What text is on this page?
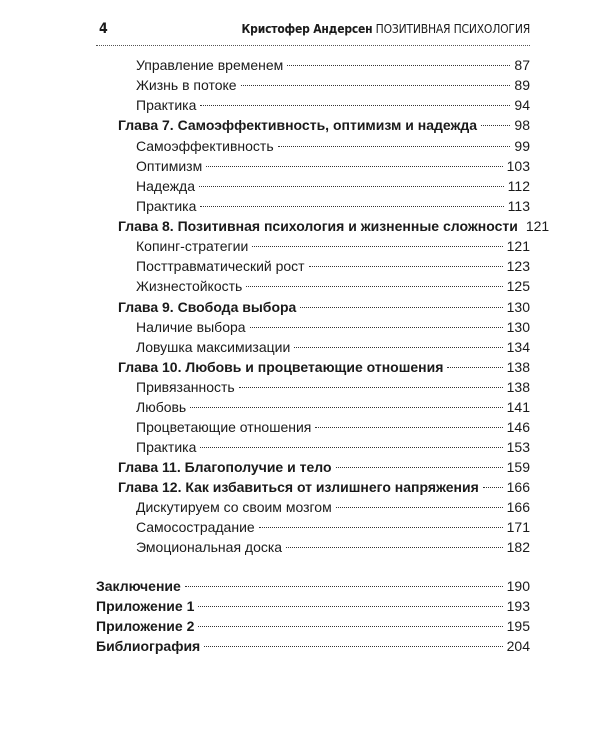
4	Кристофер Андерсен ПОЗИТИВНАЯ ПСИХОЛОГИЯ
Управление временем	87
Жизнь в потоке	89
Практика	94
Глава 7. Самоэффективность, оптимизм и надежда	98
Самоэффективность	99
Оптимизм	103
Надежда	112
Практика	113
Глава 8. Позитивная психология и жизненные сложности 121
Копинг-стратегии	121
Посттравматический рост	123
Жизнестойкость	125
Глава 9. Свобода выбора	130
Наличие выбора	130
Ловушка максимизации	134
Глава 10. Любовь и процветающие отношения	138
Привязанность	138
Любовь	141
Процветающие отношения	146
Практика	153
Глава 11. Благополучие и тело	159
Глава 12. Как избавиться от излишнего напряжения 166
Дискутируем со своим мозгом	166
Самосострадание	171
Эмоциональная доска	182
Заключение	190
Приложение 1	193
Приложение 2	195
Библиография	204
